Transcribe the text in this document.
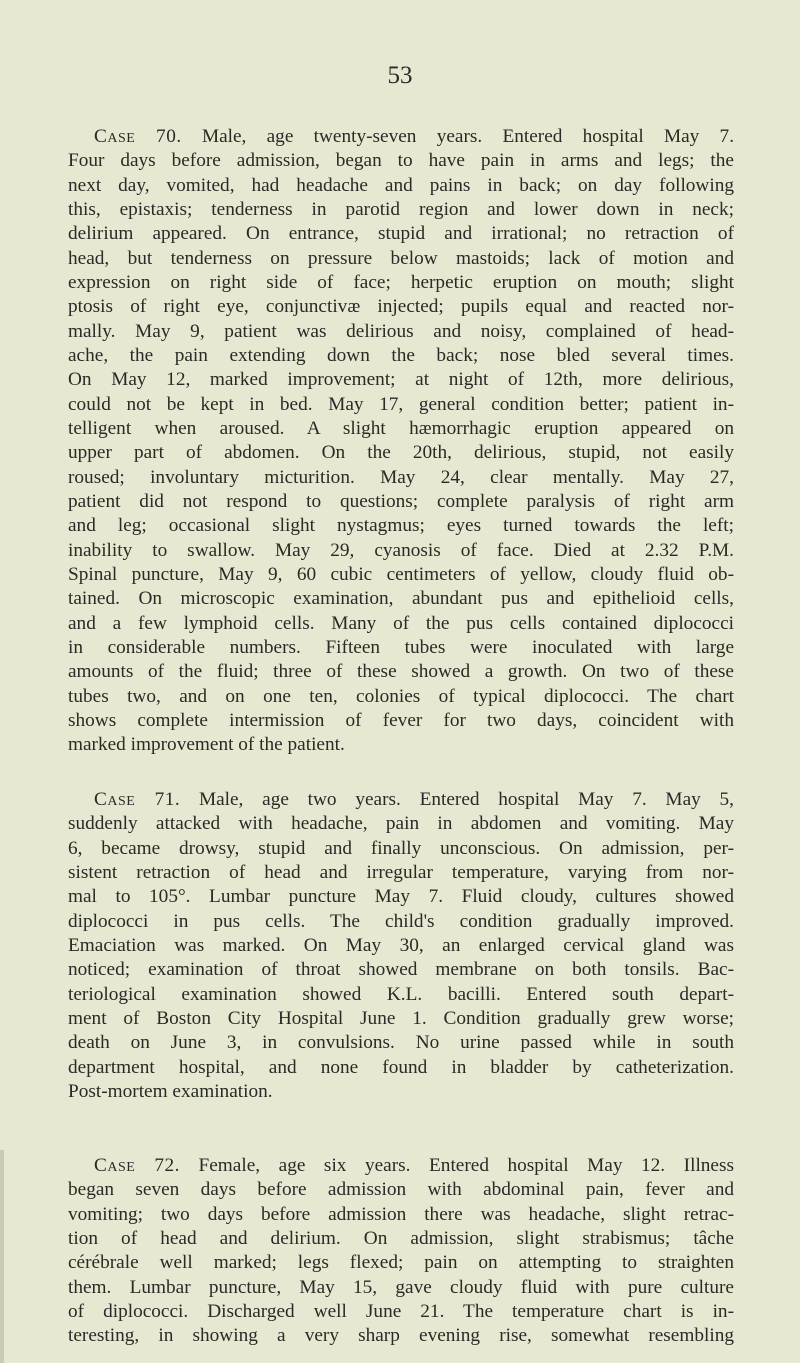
53
Case 70. Male, age twenty-seven years. Entered hospital May 7.
Four days before admission, began to have pain in arms and legs; the
next day, vomited, had headache and pains in back; on day following
this, epistaxis; tenderness in parotid region and lower down in neck;
delirium appeared. On entrance, stupid and irrational; no retraction of
head, but tenderness on pressure below mastoids; lack of motion and
expression on right side of face; herpetic eruption on mouth; slight
ptosis of right eye, conjunctivæ injected; pupils equal and reacted nor-
mally. May 9, patient was delirious and noisy, complained of head-
ache, the pain extending down the back; nose bled several times.
On May 12, marked improvement; at night of 12th, more delirious,
could not be kept in bed. May 17, general condition better; patient in-
telligent when aroused. A slight hæmorrhagic eruption appeared on
upper part of abdomen. On the 20th, delirious, stupid, not easily
roused; involuntary micturition. May 24, clear mentally. May 27,
patient did not respond to questions; complete paralysis of right arm
and leg; occasional slight nystagmus; eyes turned towards the left;
inability to swallow. May 29, cyanosis of face. Died at 2.32 P.M.
Spinal puncture, May 9, 60 cubic centimeters of yellow, cloudy fluid ob-
tained. On microscopic examination, abundant pus and epithelioid cells,
and a few lymphoid cells. Many of the pus cells contained diplococci
in considerable numbers. Fifteen tubes were inoculated with large
amounts of the fluid; three of these showed a growth. On two of these
tubes two, and on one ten, colonies of typical diplococci. The chart
shows complete intermission of fever for two days, coincident with
marked improvement of the patient.
Case 71. Male, age two years. Entered hospital May 7. May 5,
suddenly attacked with headache, pain in abdomen and vomiting. May
6, became drowsy, stupid and finally unconscious. On admission, per-
sistent retraction of head and irregular temperature, varying from nor-
mal to 105°. Lumbar puncture May 7. Fluid cloudy, cultures showed
diplococci in pus cells. The child's condition gradually improved.
Emaciation was marked. On May 30, an enlarged cervical gland was
noticed; examination of throat showed membrane on both tonsils. Bac-
teriological examination showed K.L. bacilli. Entered south depart-
ment of Boston City Hospital June 1. Condition gradually grew worse;
death on June 3, in convulsions. No urine passed while in south
department hospital, and none found in bladder by catheterization.
Post-mortem examination.
Case 72. Female, age six years. Entered hospital May 12. Illness
began seven days before admission with abdominal pain, fever and
vomiting; two days before admission there was headache, slight retrac-
tion of head and delirium. On admission, slight strabismus; tâche
cérébrale well marked; legs flexed; pain on attempting to straighten
them. Lumbar puncture, May 15, gave cloudy fluid with pure culture
of diplococci. Discharged well June 21. The temperature chart is in-
teresting, in showing a very sharp evening rise, somewhat resembling
